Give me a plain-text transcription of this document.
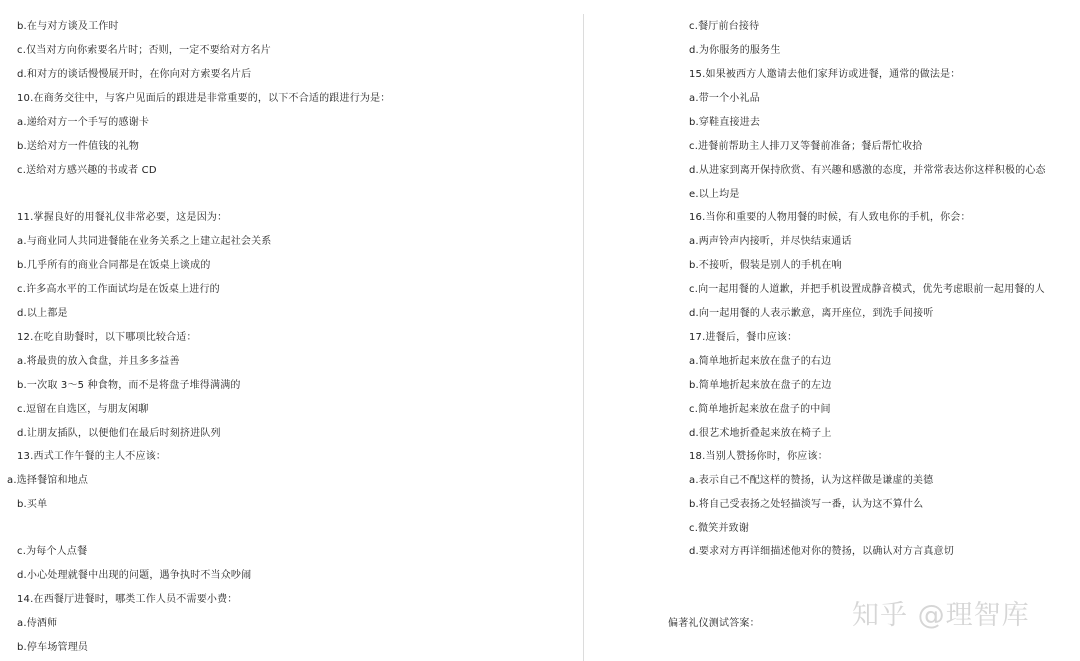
b.在与对方谈及工作时
c.仅当对方向你索要名片时；否则，一定不要给对方名片
d.和对方的谈话慢慢展开时，在你向对方索要名片后
10.在商务交往中，与客户见面后的跟进是非常重要的，以下不合适的跟进行为是：
a.递给对方一个手写的感谢卡
b.送给对方一件值钱的礼物
c.送给对方感兴趣的书或者 CD
11.掌握良好的用餐礼仪非常必要，这是因为：
a.与商业同人共同进餐能在业务关系之上建立起社会关系
b.几乎所有的商业合同都是在饭桌上谈成的
c.许多高水平的工作面试均是在饭桌上进行的
d.以上都是
12.在吃自助餐时，以下哪项比较合适：
a.将最贵的放入食盘，并且多多益善
b.一次取 3～5 种食物，而不是将盘子堆得满满的
c.逗留在自选区，与朋友闲聊
d.让朋友插队，以便他们在最后时刻挤进队列
13.西式工作午餐的主人不应该：
a.选择餐馆和地点
b.买单
c.为每个人点餐
d.小心处理就餐中出现的问题，遇争执时不当众吵闹
14.在西餐厅进餐时，哪类工作人员不需要小费：
a.侍酒师
b.停车场管理员
c.餐厅前台接待
d.为你服务的服务生
15.如果被西方人邀请去他们家拜访或进餐，通常的做法是：
a.带一个小礼品
b.穿鞋直接进去
c.进餐前帮助主人排刀叉等餐前准备；餐后帮忙收拾
d.从进家到离开保持欣赏、有兴趣和感激的态度，并常常表达你这样积极的心态
e.以上均是
16.当你和重要的人物用餐的时候，有人致电你的手机，你会：
a.两声铃声内接听，并尽快结束通话
b.不接听，假装是别人的手机在响
c.向一起用餐的人道歉，并把手机设置成静音模式，优先考虑眼前一起用餐的人
d.向一起用餐的人表示歉意，离开座位，到洗手间接听
17.进餐后，餐巾应该：
a.简单地折起来放在盘子的右边
b.简单地折起来放在盘子的左边
c.简单地折起来放在盘子的中间
d.很艺术地折叠起来放在椅子上
18.当别人赞扬你时，你应该：
a.表示自己不配这样的赞扬，认为这样做是谦虚的美德
b.将自己受表扬之处轻描淡写一番，认为这不算什么
c.微笑并致谢
d.要求对方再详细描述他对你的赞扬，以确认对方言真意切
偏著礼仪测试答案：	知乎 @理智库
